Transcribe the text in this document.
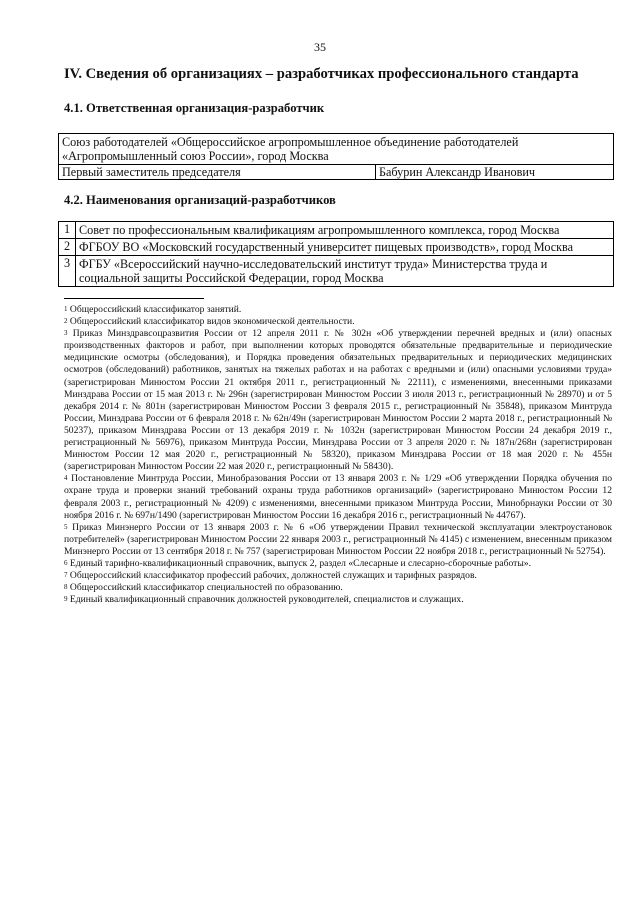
35
IV. Сведения об организациях – разработчиках профессионального стандарта
4.1. Ответственная организация-разработчик
Союз работодателей «Общероссийское агропромышленное объединение работодателей «Агропромышленный союз России», город Москва
Первый заместитель председателя	Бабурин Александр Иванович
4.2. Наименования организаций-разработчиков
1	Совет по профессиональным квалификациям агропромышленного комплекса, город Москва
2	ФГБОУ ВО «Московский государственный университет пищевых производств», город Москва
3	ФГБУ «Всероссийский научно-исследовательский институт труда» Министерства труда и социальной защиты Российской Федерации, город Москва

$^1$ Общероссийский классификатор занятий.

$^2$ Общероссийский классификатор видов экономической деятельности.

$^3$ Приказ Минздравсоцразвития России от 12 апреля 2011 г. № 302н «Об утверждении перечней вредных и (или) опасных производственных факторов и работ, при выполнении которых проводятся обязательные предварительные и периодические медицинские осмотры (обследования), и Порядка проведения обязательных предварительных и периодических медицинских осмотров (обследований) работников, занятых на тяжелых работах и на работах с вредными и (или) опасными условиями труда» (зарегистрирован Минюстом России 21 октября 2011 г., регистрационный № 22111), с изменениями, внесенными приказами Минздрава России от 15 мая 2013 г. № 296н (зарегистрирован Минюстом России 3 июля 2013 г., регистрационный № 28970) и от 5 декабря 2014 г. № 801н (зарегистрирован Минюстом России 3 февраля 2015 г., регистрационный № 35848), приказом Минтруда России, Минздрава России от 6 февраля 2018 г. № 62н/49н (зарегистрирован Минюстом России 2 марта 2018 г., регистрационный № 50237), приказом Минздрава России от 13 декабря 2019 г. № 1032н (зарегистрирован Минюстом России 24 декабря 2019 г., регистрационный № 56976), приказом Минтруда России, Минздрава России от 3 апреля 2020 г. № 187н/268н (зарегистрирован Минюстом России 12 мая 2020 г., регистрационный № 58320), приказом Минздрава России от 18 мая 2020 г. № 455н (зарегистрирован Минюстом России 22 мая 2020 г., регистрационный № 58430).

$^4$ Постановление Минтруда России, Минобразования России от 13 января 2003 г. № 1/29 «Об утверждении Порядка обучения по охране труда и проверки знаний требований охраны труда работников организаций» (зарегистрировано Минюстом России 12 февраля 2003 г., регистрационный № 4209) с изменениями, внесенными приказом Минтруда России, Минобрнауки России от 30 ноября 2016 г. № 697н/1490 (зарегистрирован Минюстом России 16 декабря 2016 г., регистрационный № 44767).

$^5$ Приказ Минэнерго России от 13 января 2003 г. № 6 «Об утверждении Правил технической эксплуатации электроустановок потребителей» (зарегистрирован Минюстом России 22 января 2003 г., регистрационный № 4145) с изменением, внесенным приказом Минэнерго России от 13 сентября 2018 г. № 757 (зарегистрирован Минюстом России 22 ноября 2018 г., регистрационный № 52754).

$^6$ Единый тарифно-квалификационный справочник, выпуск 2, раздел «Слесарные и слесарно-сборочные работы».

$^7$ Общероссийский классификатор профессий рабочих, должностей служащих и тарифных разрядов.

$^8$ Общероссийский классификатор специальностей по образованию.

$^9$ Единый квалификационный справочник должностей руководителей, специалистов и служащих.
